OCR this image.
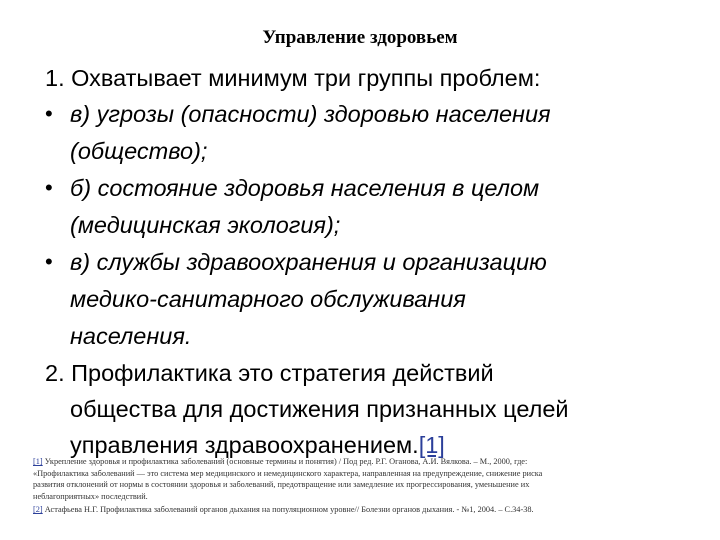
Управление здоровьем
1. Охватывает минимум три группы проблем:
• в) угрозы (опасности) здоровью населения
(общество);
• б) состояние здоровья населения в целом
(медицинская экология);
• в) службы здравоохранения и организацию
медико-санитарного обслуживания
населения.
2. Профилактика это стратегия действий
общества для достижения признанных целей
управления здравоохранением.[1]
[1] Укрепление здоровья и профилактика заболеваний (основные термины и понятия) / Под ред. Р.Г. Оганова, А.И. Вялкова. – М., 2000, где:
«Профилактика заболеваний — это система мер медицинского и немедицинского характера, направленная на предупреждение, снижение риска
развития отклонений от нормы в состоянии здоровья и заболеваний, предотвращение или замедление их прогрессирования, уменьшение их
неблагоприятных» последствий.
[2] Астафьева Н.Г. Профилактика заболеваний органов дыхания на популяционном уровне// Болезни органов дыхания. - №1, 2004. – С.34-38.
